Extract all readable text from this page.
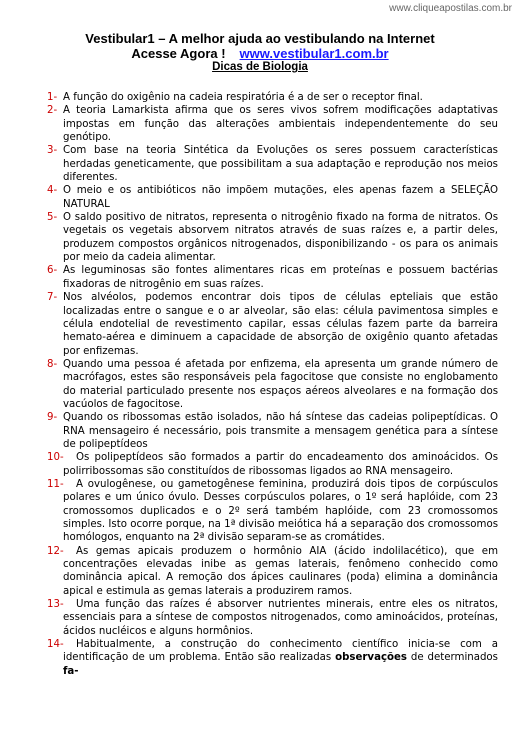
www.cliqueapostilas.com.br
Vestibular1 – A melhor ajuda ao vestibulando na Internet
Acesse Agora ! www.vestibular1.com.br
Dicas de Biologia
1- A função do oxigênio na cadeia respiratória é a de ser o receptor final.
2- A teoria Lamarkista afirma que os seres vivos sofrem modificações adaptativas impostas em função das alterações ambientais independentemente do seu genótipo.
3- Com base na teoria Sintética da Evoluções os seres possuem características herdadas geneticamente, que possibilitam a sua adaptação e reprodução nos meios diferentes.
4- O meio e os antibióticos não impõem mutações, eles apenas fazem a SELEÇÃO NATURAL
5- O saldo positivo de nitratos, representa o nitrogênio fixado na forma de nitratos. Os vegetais os vegetais absorvem nitratos através de suas raízes e, a partir deles, produzem compostos orgânicos nitrogenados, disponibilizando - os para os animais por meio da cadeia alimentar.
6- As leguminosas são fontes alimentares ricas em proteínas e possuem bactérias fixadoras de nitrogênio em suas raízes.
7- Nos alvéolos, podemos encontrar dois tipos de células epteliais que estão localizadas entre o sangue e o ar alveolar, são elas: célula pavimentosa simples e célula endotelial de revestimento capilar, essas células fazem parte da barreira hemato-aérea e diminuem a capacidade de absorção de oxigênio quanto afetadas por enfizemas.
8- Quando uma pessoa é afetada por enfizema, ela apresenta um grande número de macrófagos, estes são responsáveis pela fagocitose que consiste no englobamento do material particulado presente nos espaços aéreos alveolares e na formação dos vacúolos de fagocitose.
9- Quando os ribossomas estão isolados, não há síntese das cadeias polipeptídicas. O RNA mensageiro é necessário, pois transmite a mensagem genética para a síntese de polipeptídeos
10-	Os polipeptídeos são formados a partir do encadeamento dos aminoácidos. Os polirribossomas são constituídos de ribossomas ligados ao RNA mensageiro.
11-	A ovulogênese, ou gametogênese feminina, produzirá dois tipos de corpúsculos polares e um único óvulo. Desses corpúsculos polares, o 1º será haplóide, com 23 cromossomos duplicados e o 2º será também haplóide, com 23 cromossomos simples. Isto ocorre porque, na 1ª divisão meiótica há a separação dos cromossomos homólogos, enquanto na 2ª divisão separam-se as cromátides.
12-	As gemas apicais produzem o hormônio AIA (ácido indolilacético), que em concentrações elevadas inibe as gemas laterais, fenômeno conhecido como dominância apical. A remoção dos ápices caulinares (poda) elimina a dominância apical e estimula as gemas laterais a produzirem ramos.
13-	Uma função das raízes é absorver nutrientes minerais, entre eles os nitratos, essenciais para a síntese de compostos nitrogenados, como aminoácidos, proteínas, ácidos nucléicos e alguns hormônios.
14-	Habitualmente, a construção do conhecimento científico inicia-se com a identificação de um problema. Então são realizadas observações de determinados fa-
